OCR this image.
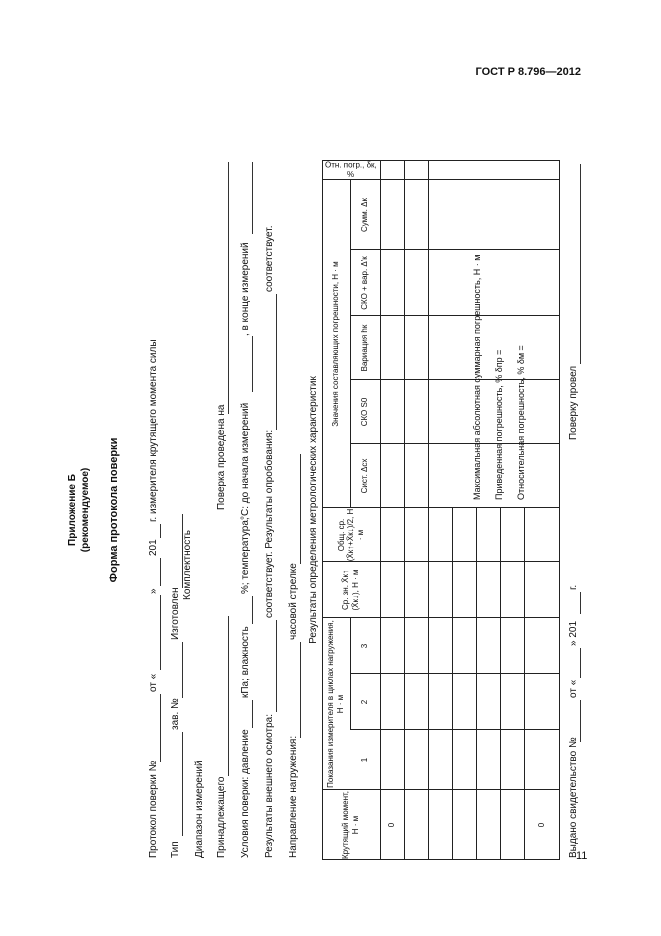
ГОСТ Р 8.796—2012
11
Приложение Б (рекомендуемое) Форма протокола поверки
Протокол поверки №
от «
»
201
г. измерителя крутящего момента силы
Тип
зав. №
Изготовлен
Диапазон измерений
Комплектность
Принадлежащего
Поверка проведена на
Условия поверки: давление
кПа; влажность
%; температура,
°С: до начала измерений
, в конце измерений
Результаты внешнего осмотра:
соответствует. Результаты опробования:
соответствует.
Направление нагружения:
часовой стрелке Результаты определения метрологических характеристик
Крутящий момент, Н · м
Показания измерителя в циклах нагружения, Н · м
1
2
3
Ср. зн. X̄к↑ (X̄к↓), Н · м
Общ. ср. (X̄к↑+X̄к↓)/2, Н · м
Значения составляющих погрешности, Н · м
Сист. Δсх
СКО S0
Вариация hк
СКО + вар. Δ'к
Сумм. Δк
Отн. погр., δк, %
0	0
Максимальная абсолютная суммарная погрешность, Н · м Приведенная погрешность, % δпр = Относительная погрешность, % δм =
Выдано свидетельство №
от «
» 201
г.
Поверку провел
